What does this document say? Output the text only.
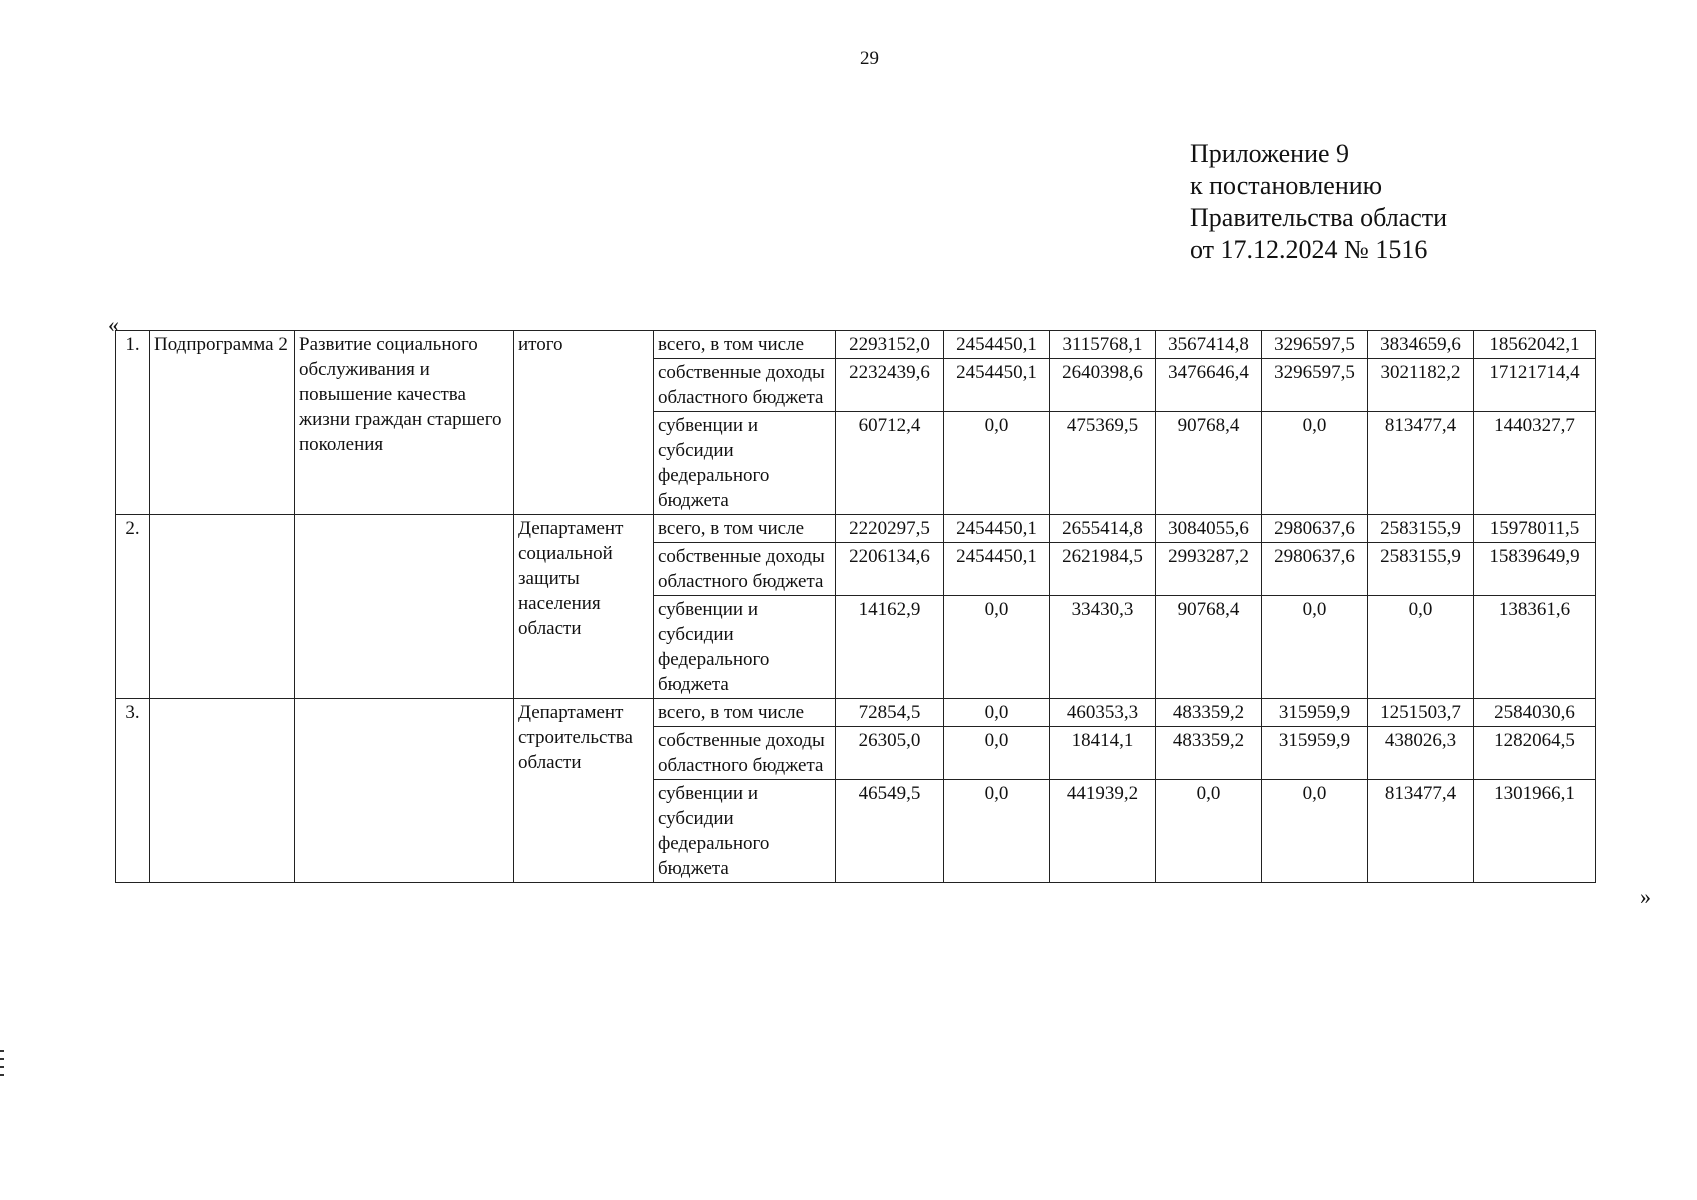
29
Приложение 9
к постановлению
Правительства области
от 17.12.2024 № 1516
«
1.	Подпрограмма 2	Развитие социального обслуживания и повышение качества жизни граждан старшего поколения	итого	всего, в том числе	2293152,0	2454450,1	3115768,1	3567414,8	3296597,5	3834659,6	18562042,1
				собственные доходы областного бюджета	2232439,6	2454450,1	2640398,6	3476646,4	3296597,5	3021182,2	17121714,4
				субвенции и субсидии федерального бюджета	60712,4	0,0	475369,5	90768,4	0,0	813477,4	1440327,7
2.			Департамент социальной защиты населения области	всего, в том числе	2220297,5	2454450,1	2655414,8	3084055,6	2980637,6	2583155,9	15978011,5
				собственные доходы областного бюджета	2206134,6	2454450,1	2621984,5	2993287,2	2980637,6	2583155,9	15839649,9
				субвенции и субсидии федерального бюджета	14162,9	0,0	33430,3	90768,4	0,0	0,0	138361,6
3.			Департамент строительства области	всего, в том числе	72854,5	0,0	460353,3	483359,2	315959,9	1251503,7	2584030,6
				собственные доходы областного бюджета	26305,0	0,0	18414,1	483359,2	315959,9	438026,3	1282064,5
				субвенции и субсидии федерального бюджета	46549,5	0,0	441939,2	0,0	0,0	813477,4	1301966,1
»
